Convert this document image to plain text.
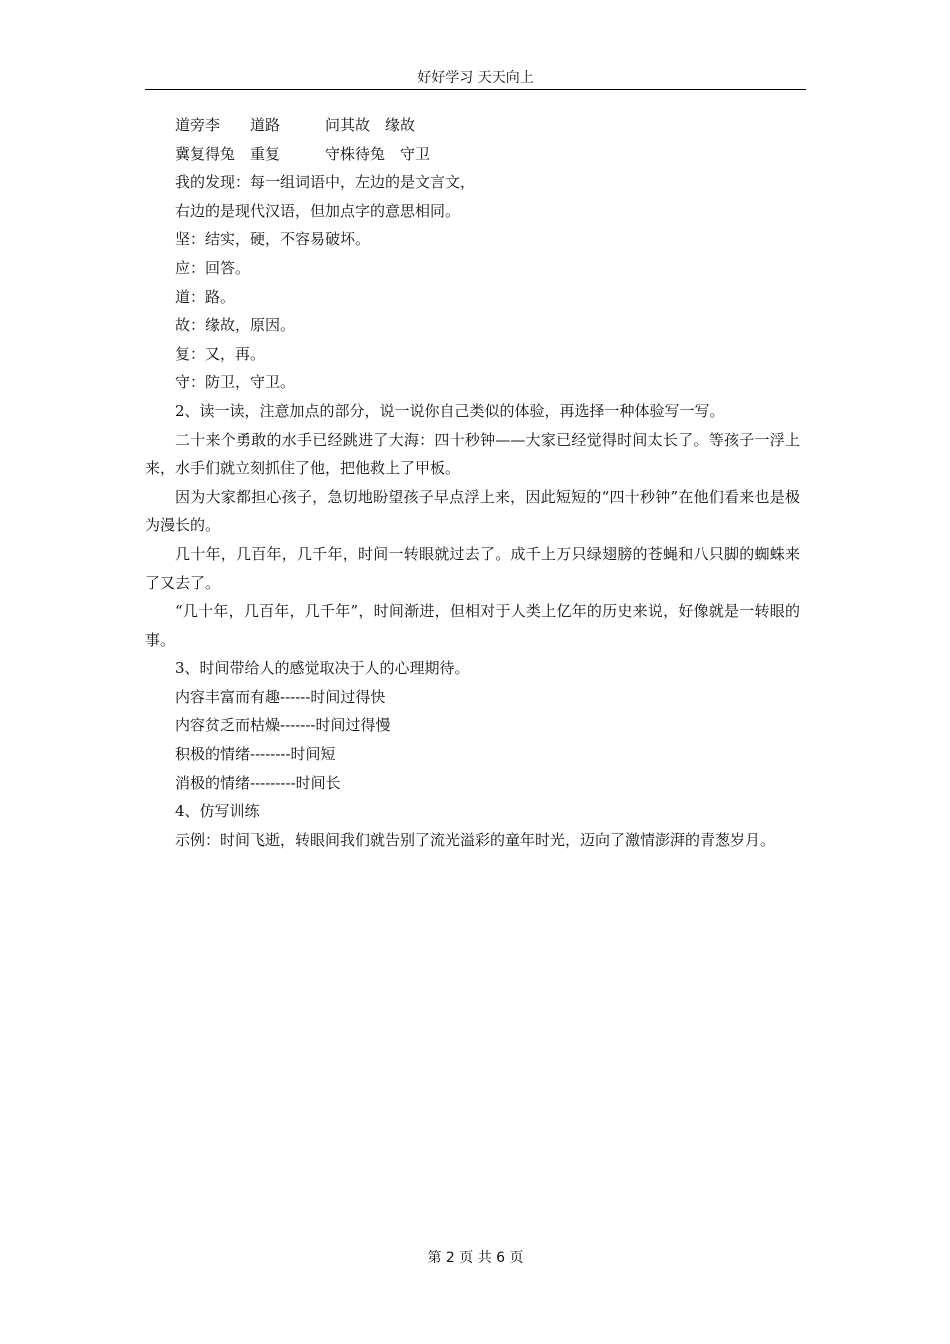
好好学习 天天向上

道旁李　　道路　　　问其故　缘故

冀复得兔　重复　　　守株待兔　守卫

我的发现：每一组词语中，左边的是文言文，

右边的是现代汉语，但加点字的意思相同。

坚：结实，硬，不容易破坏。

应：回答。

道：路。

故：缘故，原因。

复：又，再。

守：防卫，守卫。

2、读一读，注意加点的部分，说一说你自己类似的体验，再选择一种体验写一写。

二十来个勇敢的水手已经跳进了大海：四十秒钟——大家已经觉得时间太长了。等孩子一浮上来，水手们就立刻抓住了他，把他救上了甲板。

因为大家都担心孩子，急切地盼望孩子早点浮上来，因此短短的“四十秒钟”在他们看来也是极为漫长的。

几十年，几百年，几千年，时间一转眼就过去了。成千上万只绿翅膀的苍蝇和八只脚的蜘蛛来了又去了。

“几十年，几百年，几千年”，时间渐进，但相对于人类上亿年的历史来说，好像就是一转眼的事。

3、时间带给人的感觉取决于人的心理期待。

内容丰富而有趣------时间过得快

内容贫乏而枯燥-------时间过得慢

积极的情绪--------时间短

消极的情绪---------时间长

4、仿写训练

示例：时间飞逝，转眼间我们就告别了流光溢彩的童年时光，迈向了激情澎湃的青葱岁月。

第 2 页 共 6 页
